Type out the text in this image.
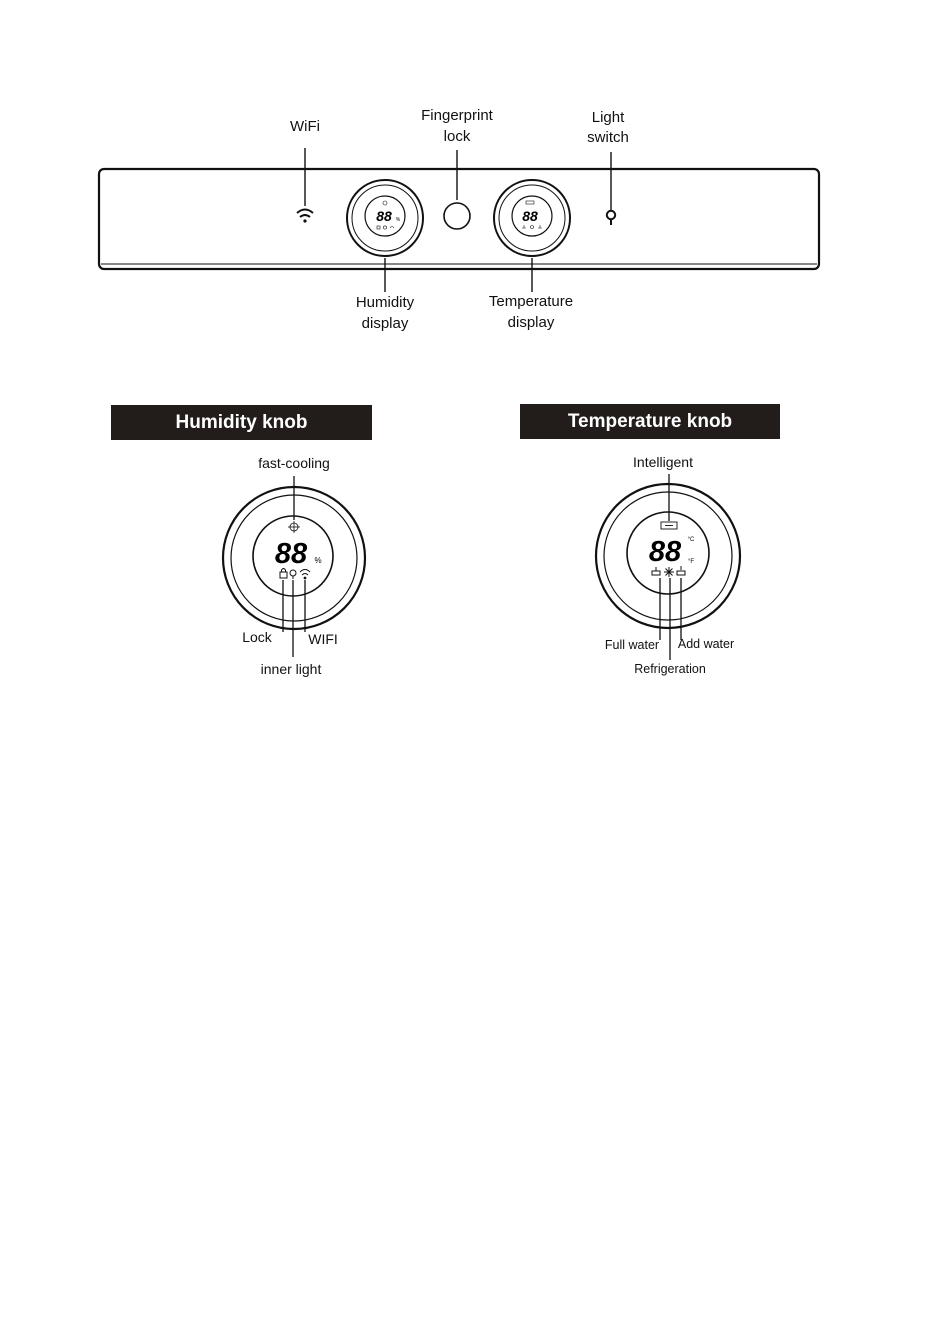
88 %	88
88 %	88 °C
°F
WiFi
Fingerprint
lock
Light
switch
Humidity
display
Temperature
display
Humidity knob	Temperature knob
fast-cooling
Lock	WIFI
inner light
Intelligent
Full water Add water
Refrigeration
